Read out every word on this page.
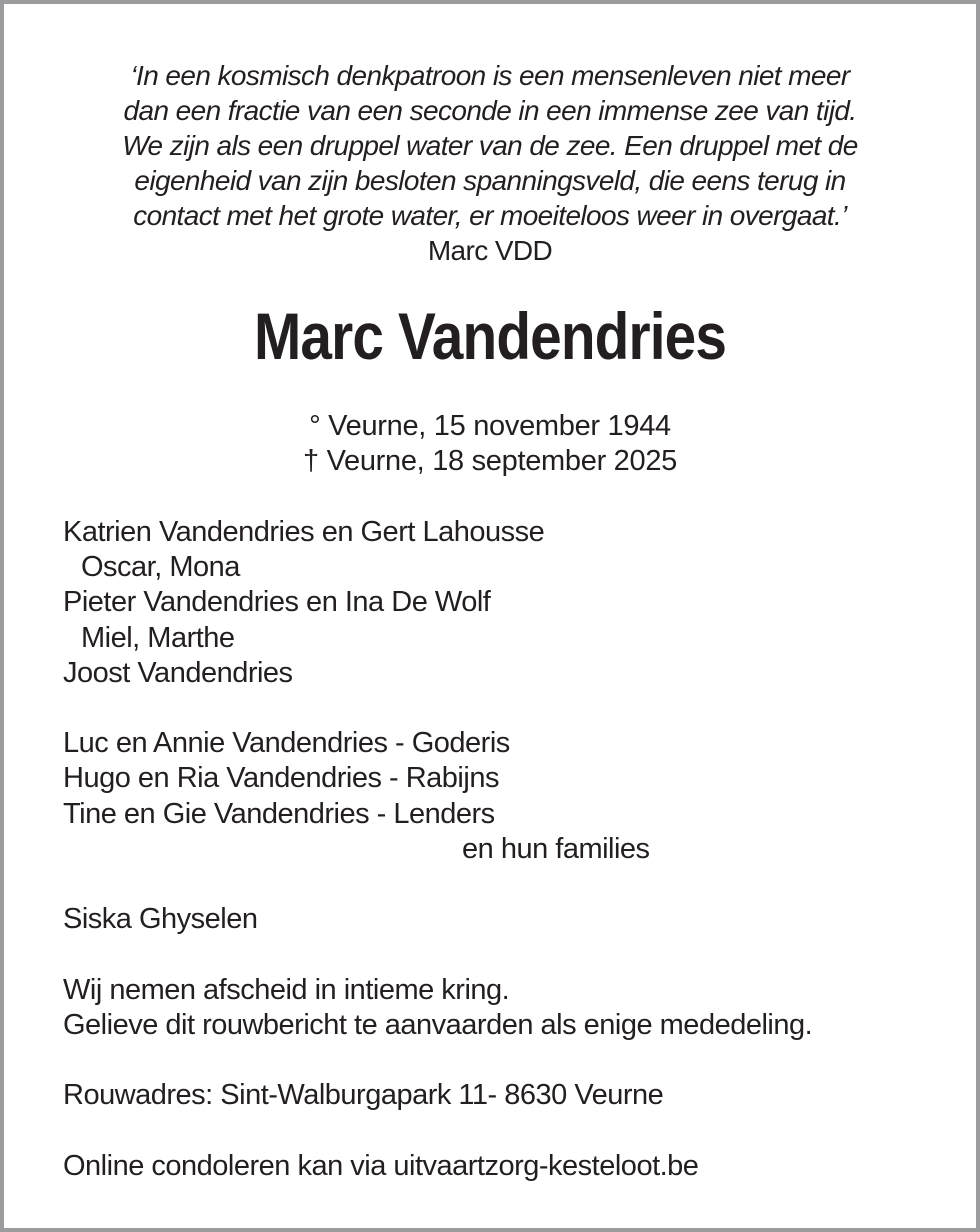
‘In een kosmisch denkpatroon is een mensenleven niet meer
dan een fractie van een seconde in een immense zee van tijd.
We zijn als een druppel water van de zee. Een druppel met de
eigenheid van zijn besloten spanningsveld, die eens terug in
contact met het grote water, er moeiteloos weer in overgaat.’
Marc VDD
Marc Vandendries
° Veurne, 15 november 1944
† Veurne, 18 september 2025
Katrien Vandendries en Gert Lahousse
Oscar, Mona
Pieter Vandendries en Ina De Wolf
Miel, Marthe
Joost Vandendries
Luc en Annie Vandendries - Goderis
Hugo en Ria Vandendries - Rabijns
Tine en Gie Vandendries - Lenders
en hun families
Siska Ghyselen
Wij nemen afscheid in intieme kring.
Gelieve dit rouwbericht te aanvaarden als enige mededeling.
Rouwadres: Sint-Walburgapark 11- 8630 Veurne
Online condoleren kan via uitvaartzorg-kesteloot.be
